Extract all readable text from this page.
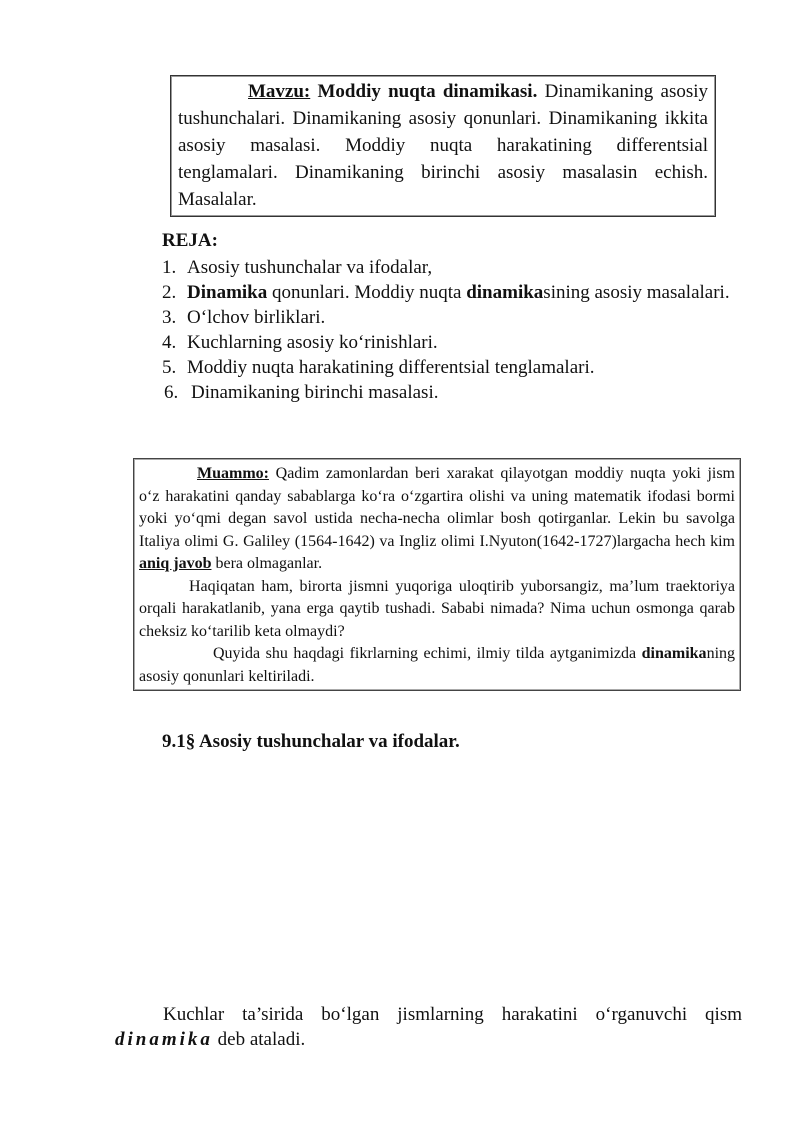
Mavzu: Moddiy nuqta dinamikasi. Dinamikaning asosiy tushunchalari. Dinamikaning asosiy qonunlari. Dinamikaning ikkita asosiy masalasi. Moddiy nuqta harakatining differentsial tenglamalari. Dinamikaning birinchi asosiy masalasin echish. Masalalar.
REJA:
1. Asosiy tushunchalar va ifodalar,
2. Dinamika qonunlari. Moddiy nuqta dinamikasining asosiy masalalari.
3. O‘lchov birliklari.
4. Kuchlarning asosiy ko‘rinishlari.
5. Moddiy nuqta harakatining differentsial tenglamalari.
6. Dinamikaning birinchi masalasi.

Muammo: Qadim zamonlardan beri xarakat qilayotgan moddiy nuqta yoki jism o‘z harakatini qanday sabablarga ko‘ra o‘zgartira olishi va uning matematik ifodasi bormi yoki yo‘qmi degan savol ustida necha-necha olimlar bosh qotirganlar. Lekin bu savolga Italiya olimi G. Galiley (1564-1642) va Ingliz olimi I.Nyuton(1642-1727)largacha hech kim aniq javob bera olmaganlar.

Haqiqatan ham, birorta jismni yuqoriga uloqtirib yuborsangiz, ma’lum traektoriya orqali harakatlanib, yana erga qaytib tushadi. Sababi nimada? Nima uchun osmonga qarab cheksiz ko‘tarilib keta olmaydi?

Quyida shu haqdagi fikrlarning echimi, ilmiy tilda aytganimizda dinamikaning asosiy qonunlari keltiriladi.

9.1§ Asosiy tushunchalar va ifodalar.

Kuchlar ta’sirida bo‘lgan jismlarning harakatini o‘rganuvchi qism dinamika deb ataladi.
